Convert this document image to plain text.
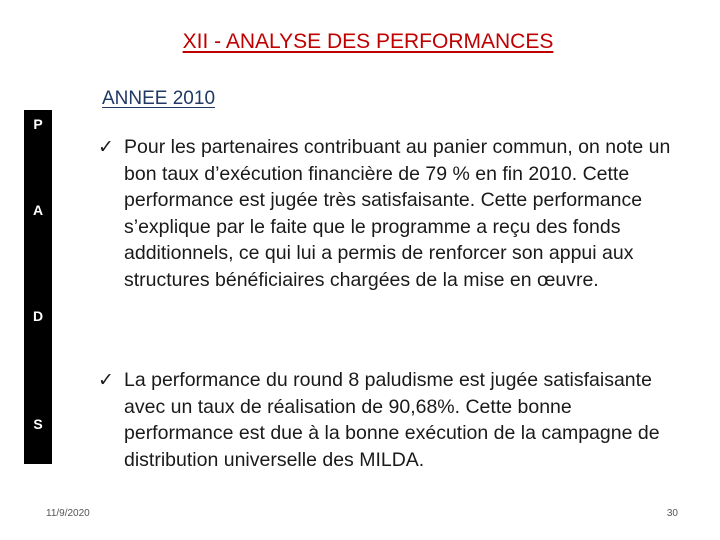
XII - ANALYSE DES PERFORMANCES
ANNEE 2010
P
A
D
S
✓ Pour les partenaires contribuant au panier commun, on note un bon taux d’exécution financière de 79 % en fin 2010. Cette performance est jugée très satisfaisante. Cette performance s’explique par le faite que le programme a reçu des fonds additionnels, ce qui lui a permis de renforcer son appui aux structures bénéficiaires chargées de la mise en œuvre.
✓ La performance du round 8 paludisme est jugée satisfaisante avec un taux de réalisation de 90,68%. Cette bonne performance est due à la bonne exécution de la campagne de distribution universelle des MILDA.
11/9/2020	30
